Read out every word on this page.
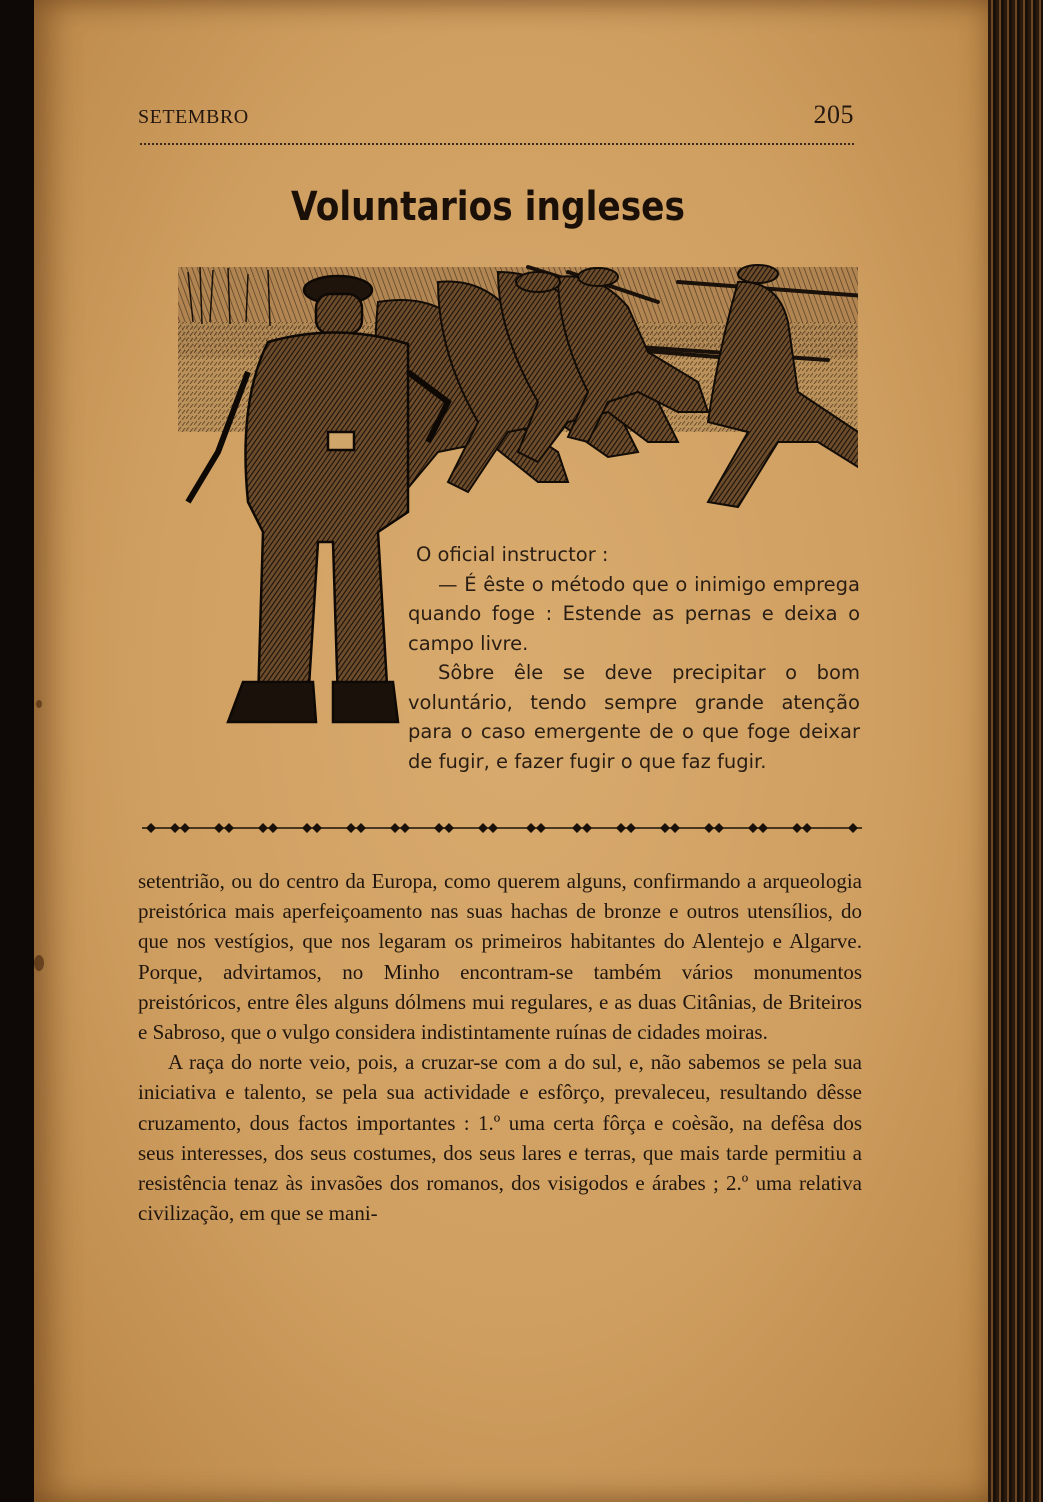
SETEMBRO	205
Voluntarios ingleses

O oficial instructor :

— É êste o método que o inimigo emprega quando foge : Estende as pernas e deixa o campo livre.

Sôbre êle se deve precipitar o bom voluntário, tendo sempre grande atenção para o caso emergente de o que foge deixar de fugir, e fazer fugir o que faz fugir.

setentrião, ou do centro da Europa, como querem alguns, confirmando a arqueologia preistórica mais aperfeiçoamento nas suas hachas de bronze e outros utensílios, do que nos vestígios, que nos legaram os primeiros habitantes do Alentejo e Algarve. Porque, advirtamos, no Minho encontram-se também vários monumentos preistóricos, entre êles alguns dólmens mui regulares, e as duas Citânias, de Briteiros e Sabroso, que o vulgo considera indistintamente ruínas de cidades moiras.

A raça do norte veio, pois, a cruzar-se com a do sul, e, não sabemos se pela sua iniciativa e talento, se pela sua actividade e esfôrço, prevaleceu, resultando dêsse cruzamento, dous factos importantes : 1.º uma certa fôrça e coèsão, na defêsa dos seus interesses, dos seus costumes, dos seus lares e terras, que mais tarde permitiu a resistência tenaz às invasões dos romanos, dos visigodos e árabes ; 2.º uma relativa civilização, em que se mani-
